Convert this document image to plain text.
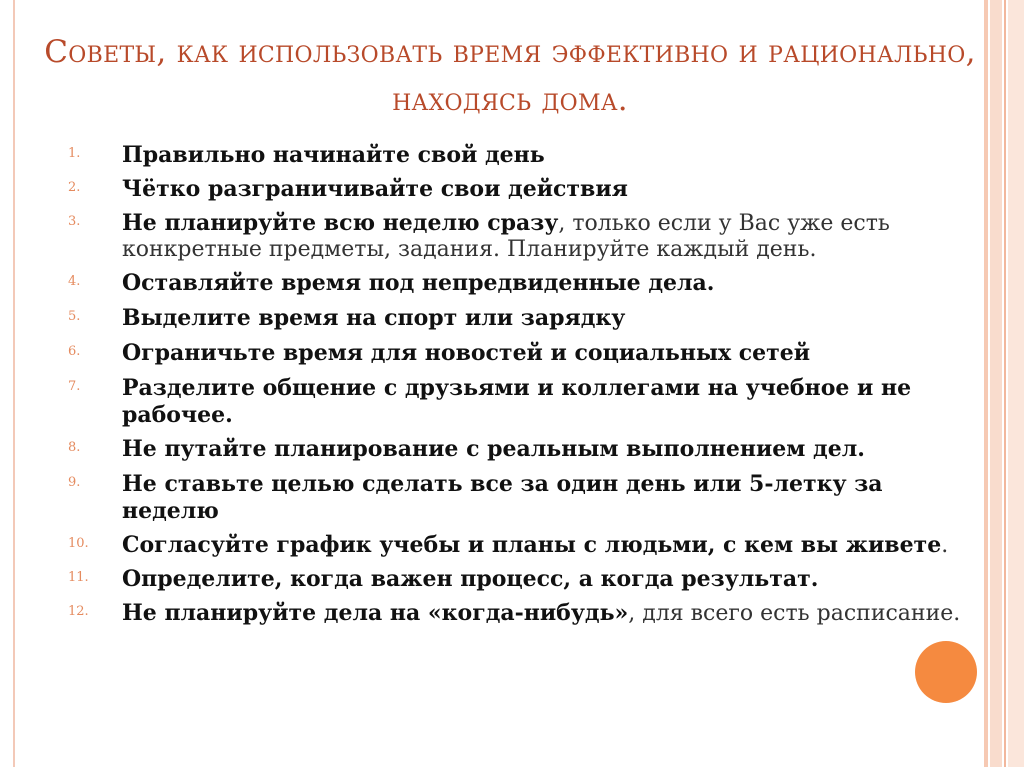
Советы, как использовать время эффективно и рационально, находясь дома.
1. Правильно начинайте свой день
2. Чётко разграничивайте свои действия
3. Не планируйте всю неделю сразу, только если у Вас уже есть конкретные предметы, задания. Планируйте каждый день.
4. Оставляйте время под непредвиденные дела.
5. Выделите время на спорт или зарядку
6. Ограничьте время для новостей и социальных сетей
7. Разделите общение с друзьями и коллегами на учебное и не рабочее.
8. Не путайте планирование с реальным выполнением дел.
9. Не ставьте целью сделать все за один день или 5-летку за неделю
10. Согласуйте график учебы и планы с людьми, с кем вы живете.
11. Определите, когда важен процесс, а когда результат.
12. Не планируйте дела на «когда-нибудь», для всего есть расписание.
